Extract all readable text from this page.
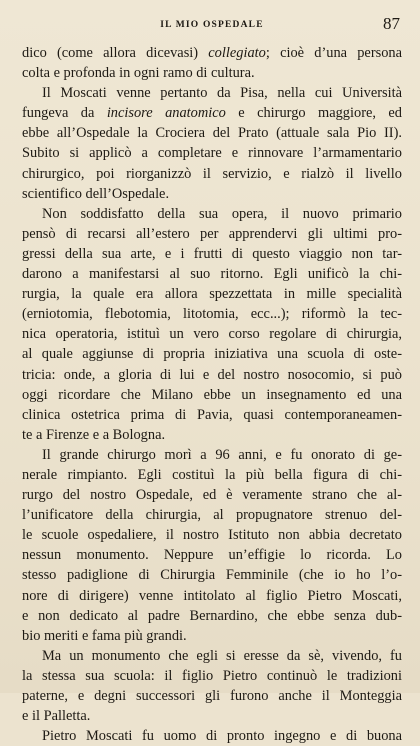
IL MIO OSPEDALE	87
dico (come allora dicevasi) collegiato; cioè d’una persona
colta e profonda in ogni ramo di cultura.
Il Moscati venne pertanto da Pisa, nella cui Università
fungeva da incisore anatomico e chirurgo maggiore, ed
ebbe all’Ospedale la Crociera del Prato (attuale sala Pio II).
Subito si applicò a completare e rinnovare l’armamentario
chirurgico, poi riorganizzò il servizio, e rialzò il livello
scientifico dell’Ospedale.
Non soddisfatto della sua opera, il nuovo primario
pensò di recarsi all’estero per apprendervi gli ultimi pro-
gressi della sua arte, e i frutti di questo viaggio non tar-
darono a manifestarsi al suo ritorno. Egli unificò la chi-
rurgia, la quale era allora spezzettata in mille specialità
(erniotomia, flebotomia, litotomia, ecc...); riformò la tec-
nica operatoria, istituì un vero corso regolare di chirurgia,
al quale aggiunse di propria iniziativa una scuola di oste-
tricia: onde, a gloria di lui e del nostro nosocomio, si può
oggi ricordare che Milano ebbe un insegnamento ed una
clinica ostetrica prima di Pavia, quasi contemporaneamen-
te a Firenze e a Bologna.
Il grande chirurgo morì a 96 anni, e fu onorato di ge-
nerale rimpianto. Egli costituì la più bella figura di chi-
rurgo del nostro Ospedale, ed è veramente strano che al-
l’unificatore della chirurgia, al propugnatore strenuo del-
le scuole ospedaliere, il nostro Istituto non abbia decretato
nessun monumento. Neppure un’effigie lo ricorda. Lo
stesso padiglione di Chirurgia Femminile (che io ho l’o-
nore di dirigere) venne intitolato al figlio Pietro Moscati,
e non dedicato al padre Bernardino, che ebbe senza dub-
bio meriti e fama più grandi.
Ma un monumento che egli si eresse da sè, vivendo, fu
la stessa sua scuola: il figlio Pietro continuò le tradizioni
paterne, e degni successori gli furono anche il Monteggia
e il Palletta.
Pietro Moscati fu uomo di pronto ingegno e di buona
